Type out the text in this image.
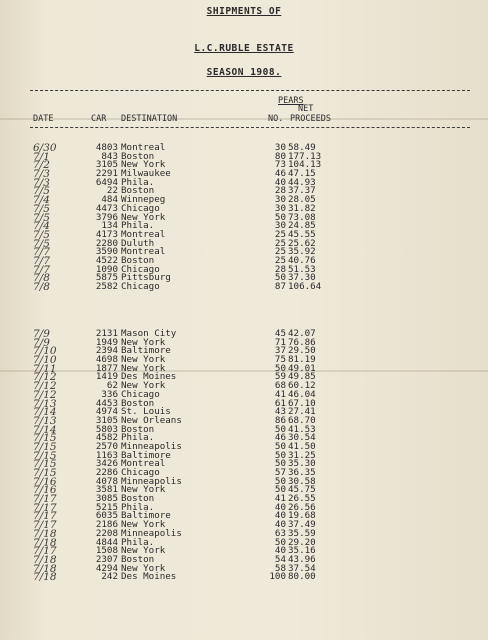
SHIPMENTS OF
L.C.RUBLE ESTATE
SEASON 1908.
PEARS
NET
DATE	CAR DESTINATION	NO. PROCEEDS
6/30	4803 Montreal	30 58.49
7/1	843 Boston	80 177.13
7/2	3105 New York	73 104.13
7/3	2291 Milwaukee	46 47.15
7/3	6494 Phila.	40 44.93
7/5	22 Boston	28 37.37
7/4	484 Winnepeg	30 28.05
7/5	4473 Chicago	30 31.82
7/5	3796 New York	50 73.08
7/4	134 Phila.	30 24.85
7/5	4173 Montreal	25 45.55
7/5	2280 Duluth	25 25.62
7/7	3590 Montreal	25 35.92
7/7	4522 Boston	25 40.76
7/7	1090 Chicago	28 51.53
7/8	5875 Pittsburg	50 37.30
7/8	2582 Chicago	87 106.64
7/9	2131 Mason City	45 42.07
7/9	1949 New York	71 76.86
7/10	2394 Baltimore	37 29.50
7/10	4698 New York	75 81.19
7/11	1877 New York	50 49.01
7/12	1419 Des Moines	59 49.85
7/12	62 New York	68 60.12
7/12	336 Chicago	41 46.04
7/13	4453 Boston	61 67.10
7/14	4974 St. Louis	43 27.41
7/13	3105 New Orleans	86 68.70
7/14	5803 Boston	50 41.53
7/15	4582 Phila.	46 30.54
7/15	2570 Minneapolis	50 41.50
7/15	1163 Baltimore	50 31.25
7/15	3426 Montreal	50 35.30
7/15	2286 Chicago	57 36.35
7/16	4078 Minneapolis	50 30.58
7/16	3581 New York	50 45.75
7/17	3085 Boston	41 26.55
7/17	5215 Phila.	40 26.56
7/17	6035 Baltimore	40 19.68
7/17	2186 New York	40 37.49
7/18	2208 Minneapolis	63 35.59
7/18	4844 Phila.	50 29.20
7/17	1508 New York	40 35.16
7/18	2307 Boston	54 43.96
7/18	4294 New York	58 37.54
7/18	242 Des Moines	100 80.00
